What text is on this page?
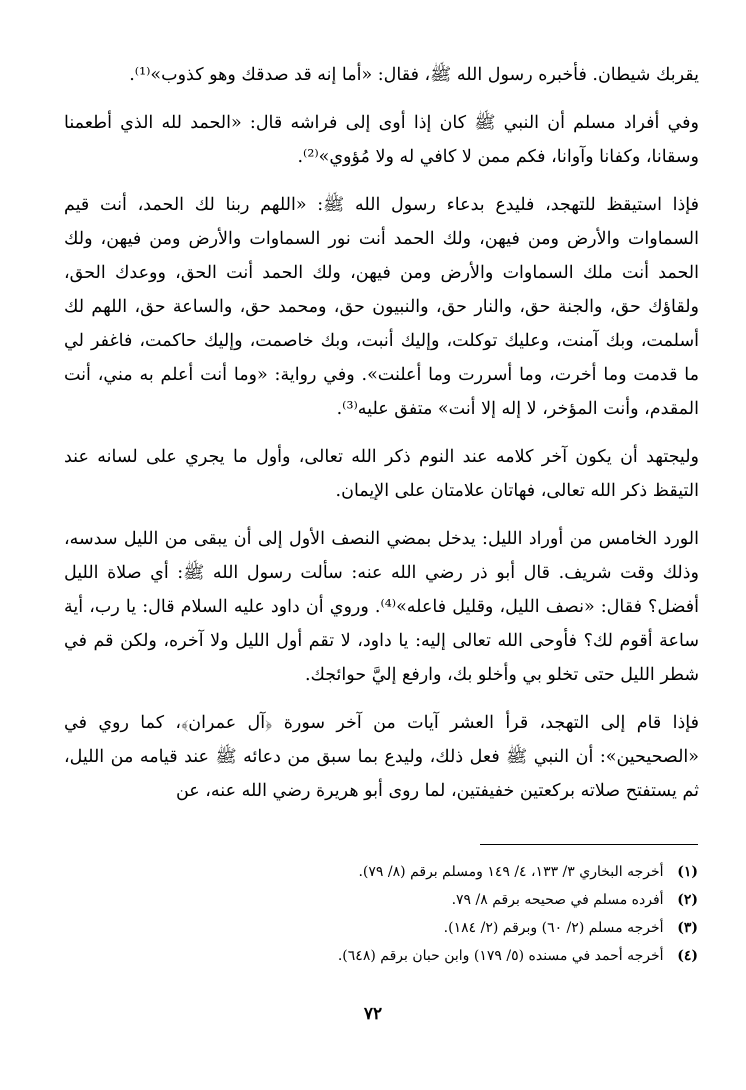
يقربك شيطان. فأخبره رسول الله ﷺ، فقال: «أما إنه قد صدقك وهو كذوب»⁽¹⁾.

وفي أفراد مسلم أن النبي ﷺ كان إذا أوى إلى فراشه قال: «الحمد لله الذي أطعمنا وسقانا، وكفانا وآوانا، فكم ممن لا كافي له ولا مُؤوي»⁽²⁾.

فإذا استيقظ للتهجد، فليدع بدعاء رسول الله ﷺ: «اللهم ربنا لك الحمد، أنت قيم السماوات والأرض ومن فيهن، ولك الحمد أنت نور السماوات والأرض ومن فيهن، ولك الحمد أنت ملك السماوات والأرض ومن فيهن، ولك الحمد أنت الحق، ووعدك الحق، ولقاؤك حق، والجنة حق، والنار حق، والنبيون حق، ومحمد حق، والساعة حق، اللهم لك أسلمت، وبك آمنت، وعليك توكلت، وإليك أنبت، وبك خاصمت، وإليك حاكمت، فاغفر لي ما قدمت وما أخرت، وما أسررت وما أعلنت». وفي رواية: «وما أنت أعلم به مني، أنت المقدم، وأنت المؤخر، لا إله إلا أنت» متفق عليه⁽³⁾.

وليجتهد أن يكون آخر كلامه عند النوم ذكر الله تعالى، وأول ما يجري على لسانه عند التيقظ ذكر الله تعالى، فهاتان علامتان على الإيمان.

الورد الخامس من أوراد الليل: يدخل بمضي النصف الأول إلى أن يبقى من الليل سدسه، وذلك وقت شريف. قال أبو ذر رضي الله عنه: سألت رسول الله ﷺ: أي صلاة الليل أفضل؟ فقال: «نصف الليل، وقليل فاعله»⁽⁴⁾. وروي أن داود عليه السلام قال: يا رب، أية ساعة أقوم لك؟ فأوحى الله تعالى إليه: يا داود، لا تقم أول الليل ولا آخره، ولكن قم في شطر الليل حتى تخلو بي وأخلو بك، وارفع إليَّ حوائجك.

فإذا قام إلى التهجد، قرأ العشر آيات من آخر سورة ﴿آل عمران﴾، كما روي في «الصحيحين»: أن النبي ﷺ فعل ذلك، وليدع بما سبق من دعائه ﷺ عند قيامه من الليل، ثم يستفتح صلاته بركعتين خفيفتين، لما روى أبو هريرة رضي الله عنه، عن

(١) أخرجه البخاري ٣/ ١٣٣، ٤/ ١٤٩ ومسلم برقم (٨/ ٧٩).
(٢) أفرده مسلم في صحيحه برقم ٨/ ٧٩.
(٣) أخرجه مسلم (٢/ ٦٠) وبرقم (٢/ ١٨٤).
(٤) أخرجه أحمد في مسنده (٥/ ١٧٩) وابن حبان برقم (٦٤٨).
٧٢
